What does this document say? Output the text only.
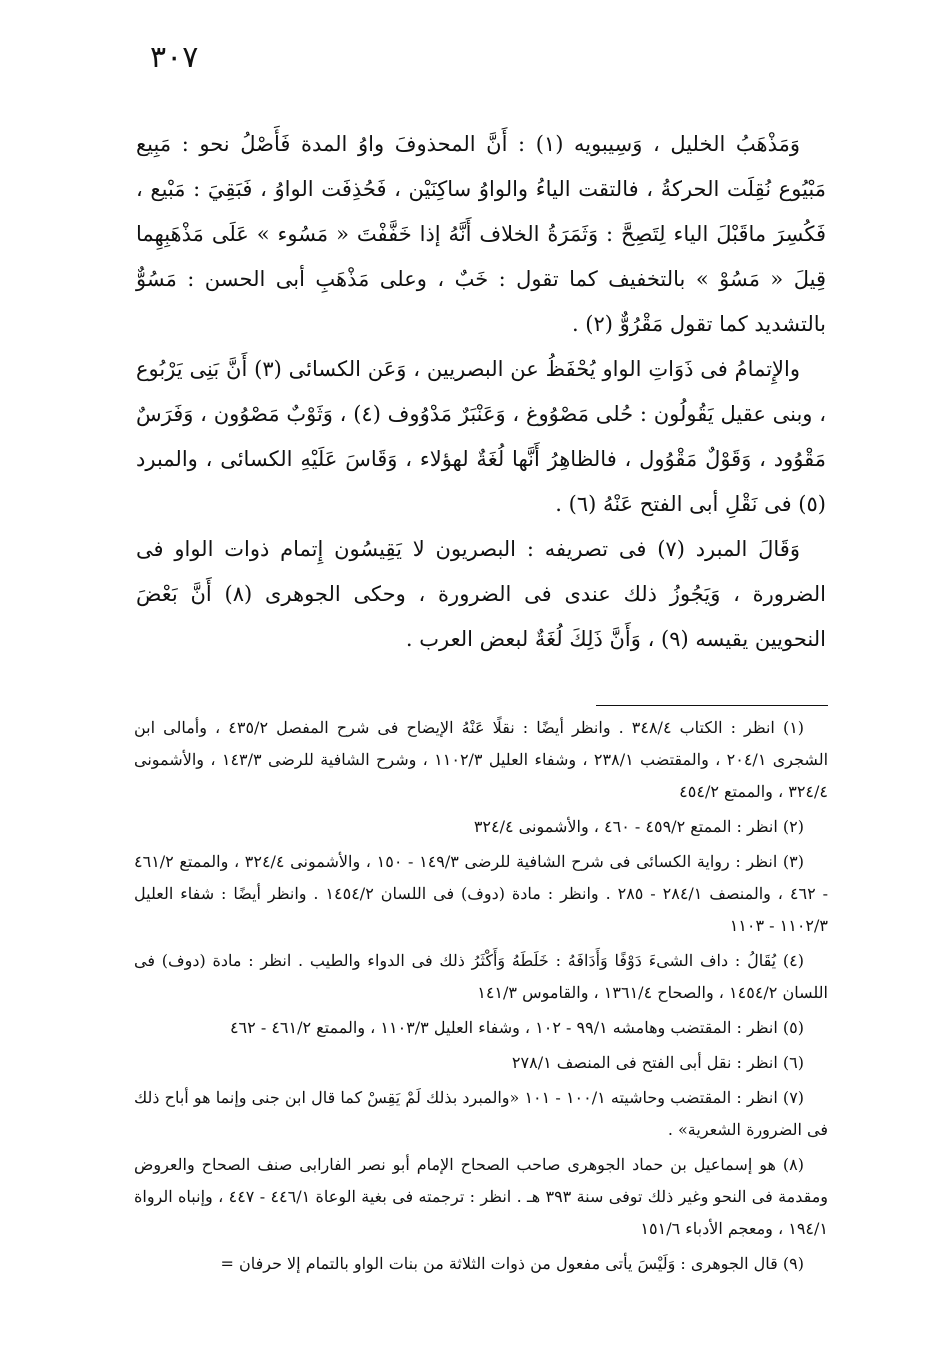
٣٠٧

وَمَذْهَبُ الخليل ، وَسِيبويه (١) : أَنَّ المحذوفَ واوُ المدة فَأَصْلُ نحو : مَبِيع مَبْيُوع نُقِلَت الحركةُ ، فالتقت الياءُ والواوُ ساكِنَيْن ، فَحُذِفَت الواوُ ، فَبَقِيَ : مَبْيع ، فَكُسِرَ ماقَبْلَ الياء لِتَصِحَّ : وَثَمَرَةُ الخلاف أَنَّهُ إذا خَفَّفْتَ « مَسُوء » عَلَى مَذْهَبِهِما قِيلَ « مَسُوْ » بالتخفيف كما تقول : خَبٌ ، وعلى مَذْهَبِ أبى الحسن : مَسُوٌّ بالتشديد كما تقول مَقْرُوٌّ (٢) .

والإِتمامُ فى ذَوَاتِ الواو يُحْفَظُ عن البصريين ، وَعَن الكسائى (٣) أَنَّ بَنِى يَرْبُوع ، وبنى عقيل يَقُولُون : حُلى مَصْوُوغ ، وَعَنْبَرٌ مَدْوُوف (٤) ، وَثَوْبٌ مَصْوُون ، وَفَرَسٌ مَقْوُود ، وَقَوْلٌ مَقْوُول ، فالظاهِرُ أَنَّها لُغَةٌ لهؤلاء ، وَقَاسَ عَلَيْهِ الكسائى ، والمبرد (٥) فى نَقْلِ أبى الفتح عَنْهُ (٦) .

وَقَالَ المبرد (٧) فى تصريفه : البصريون لا يَقِيسُون إِتمام ذوات الواو فى الضرورة ، وَيَجُوزُ ذلك عندى فى الضرورة ، وحكى الجوهرى (٨) أَنَّ بَعْضَ النحويين يقيسه (٩) ، وَأَنَّ ذَلِكَ لُغَةٌ لبعض العرب .

(١) انظر : الكتاب ٣٤٨/٤ . وانظر أيضًا : نقلًا عَنْهُ الإيضاح فى شرح المفصل ٤٣٥/٢ ، وأمالى ابن الشجرى ٢٠٤/١ ، والمقتضب ٢٣٨/١ ، وشفاء العليل ١١٠٢/٣ ، وشرح الشافية للرضى ١٤٣/٣ ، والأشمونى ٣٢٤/٤ ، والممتع ٤٥٤/٢

(٢) انظر : الممتع ٤٥٩/٢ - ٤٦٠ ، والأشمونى ٣٢٤/٤

(٣) انظر : رواية الكسائى فى شرح الشافية للرضى ١٤٩/٣ - ١٥٠ ، والأشمونى ٣٢٤/٤ ، والممتع ٤٦١/٢ - ٤٦٢ ، والمنصف ٢٨٤/١ - ٢٨٥ . وانظر : مادة (دوف) فى اللسان ١٤٥٤/٢ . وانظر أيضًا : شفاء العليل ١١٠٢/٣ - ١١٠٣

(٤) يُقَالُ : داف الشىءَ دَوْفًا وَأَدَافَهُ : خَلَطَهُ وَأَكْثَرُ ذلك فى الدواء والطيب . انظر : مادة (دوف) فى اللسان ١٤٥٤/٢ ، والصحاح ١٣٦١/٤ ، والقاموس ١٤١/٣

(٥) انظر : المقتضب وهامشه ٩٩/١ - ١٠٢ ، وشفاء العليل ١١٠٣/٣ ، والممتع ٤٦١/٢ - ٤٦٢

(٦) انظر : نقل أبى الفتح فى المنصف ٢٧٨/١

(٧) انظر : المقتضب وحاشيته ١٠٠/١ - ١٠١ «والمبرد بذلك لَمْ يَقِسْ كما قال ابن جنى وإنما هو أباح ذلك فى الضرورة الشعرية» .

(٨) هو إسماعيل بن حماد الجوهرى صاحب الصحاح الإمام أبو نصر الفارابى صنف الصحاح والعروض ومقدمة فى النحو وغير ذلك توفى سنة ٣٩٣ هـ . انظر : ترجمته فى بغية الوعاة ٤٤٦/١ - ٤٤٧ ، وإنباه الرواة ١٩٤/١ ، ومعجم الأدباء ١٥١/٦

(٩) قال الجوهرى : وَلَيْسَ يأتى مفعول من ذوات الثلاثة من بنات الواو بالتمام إلا حرفان =
